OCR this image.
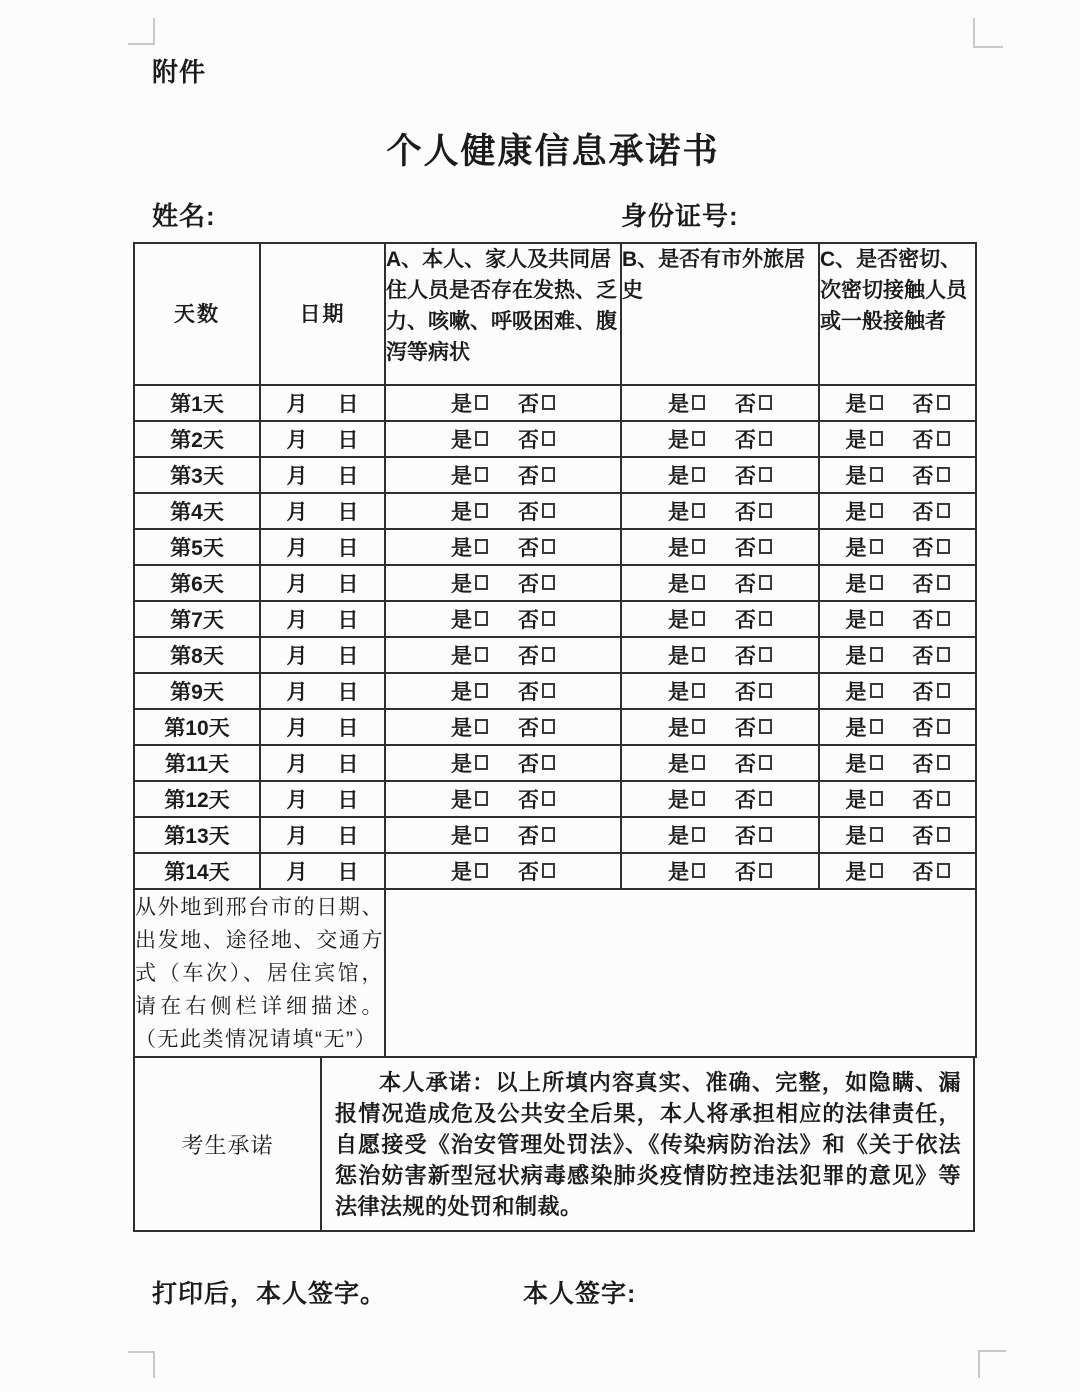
附件
个人健康信息承诺书
姓名:	身份证号:
天数	日期	A、本人、家人及共同居住人员是否存在发热、乏力、咳嗽、呼吸困难、腹泻等病状	B、是否有市外旅居史	C、是否密切、次密切接触人员或一般接触者
第1天	月 日	是 否	是 否	是 否

第2天	月 日	是 否	是 否	是 否

第3天	月 日	是 否	是 否	是 否

第4天	月 日	是 否	是 否	是 否

第5天	月 日	是 否	是 否	是 否

第6天	月 日	是 否	是 否	是 否

第7天	月 日	是 否	是 否	是 否

第8天	月 日	是 否	是 否	是 否

第9天	月 日	是 否	是 否	是 否

第10天	月 日	是 否	是 否	是 否

第11天	月 日	是 否	是 否	是 否

第12天	月 日	是 否	是 否	是 否

第13天	月 日	是 否	是 否	是 否

第14天	月 日	是 否	是 否	是 否

从外地到邢台市的日期、出发地、途径地、交通方式（车次）、居住宾馆，请在右侧栏详细描述。（无此类情况请填“无”）				
考生承诺
本人承诺：以上所填内容真实、准确、完整，如隐瞒、漏报情况造成危及公共安全后果，本人将承担相应的法律责任，自愿接受《治安管理处罚法》、《传染病防治法》和《关于依法惩治妨害新型冠状病毒感染肺炎疫情防控违法犯罪的意见》等法律法规的处罚和制裁。
打印后，本人签字。	本人签字:
